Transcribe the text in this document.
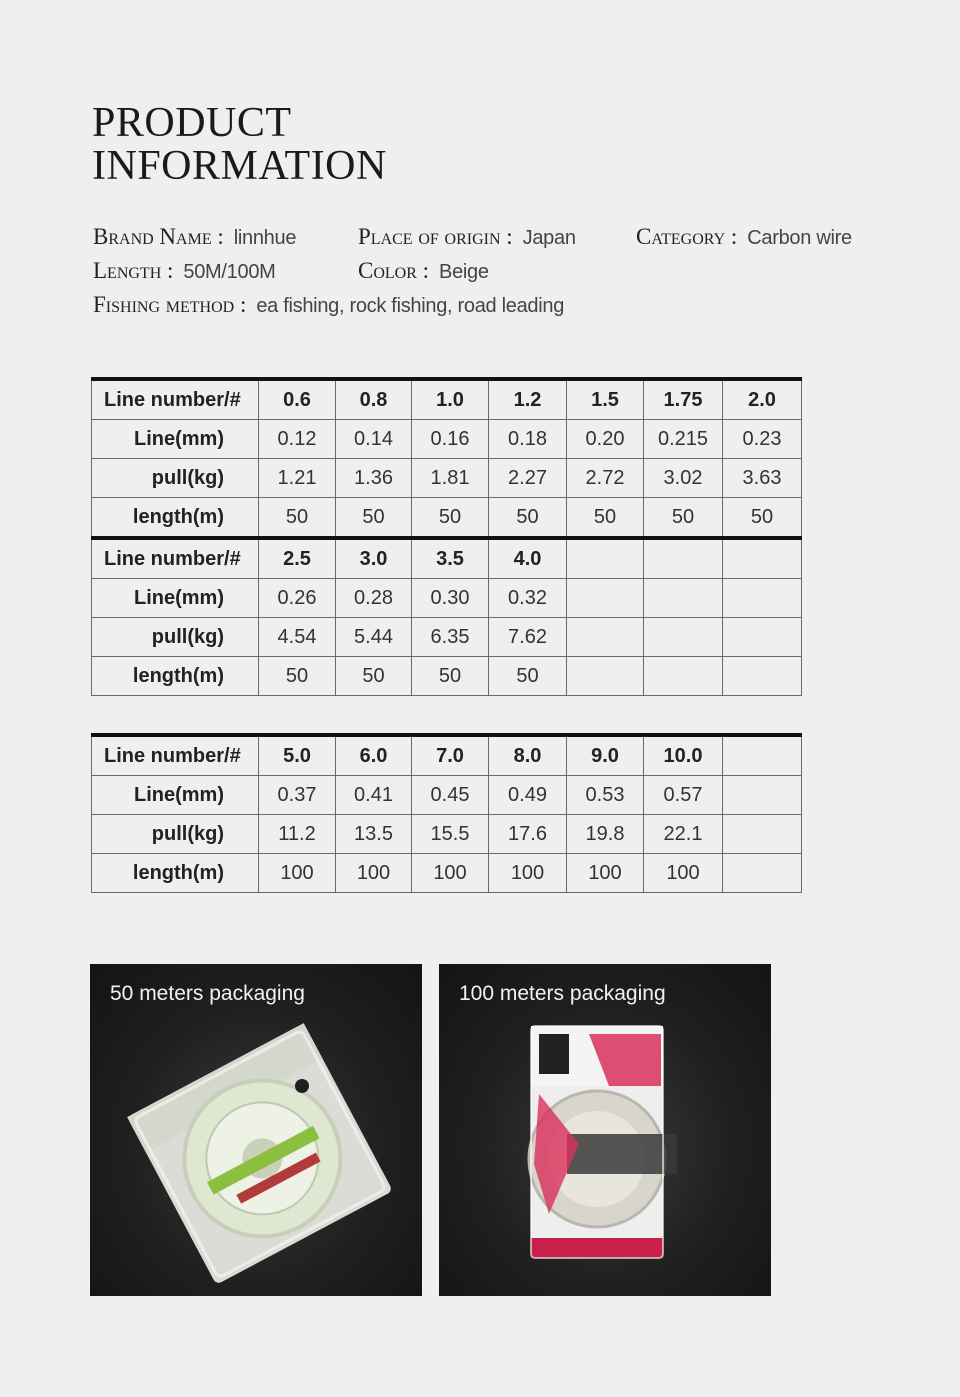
PRODUCT
INFORMATION
Brand Name : linnhue	Place of origin : Japan	Category : Carbon wire
Length : 50M/100M	Color : Beige
Fishing method : ea fishing, rock fishing, road leading
Line number/#	0.6	0.8	1.0	1.2	1.5	1.75	2.0
Line(mm)	0.12	0.14	0.16	0.18	0.20	0.215	0.23
pull(kg)	1.21	1.36	1.81	2.27	2.72	3.02	3.63
length(m)	50	50	50	50	50	50	50
Line number/#	2.5	3.0	3.5	4.0			
Line(mm)	0.26	0.28	0.30	0.32			
pull(kg)	4.54	5.44	6.35	7.62			
length(m)	50	50	50	50			
Line number/#	5.0	6.0	7.0	8.0	9.0	10.0	
Line(mm)	0.37	0.41	0.45	0.49	0.53	0.57	
pull(kg)	11.2	13.5	15.5	17.6	19.8	22.1	
length(m)	100	100	100	100	100	100	
50 meters packaging	100 meters packaging
